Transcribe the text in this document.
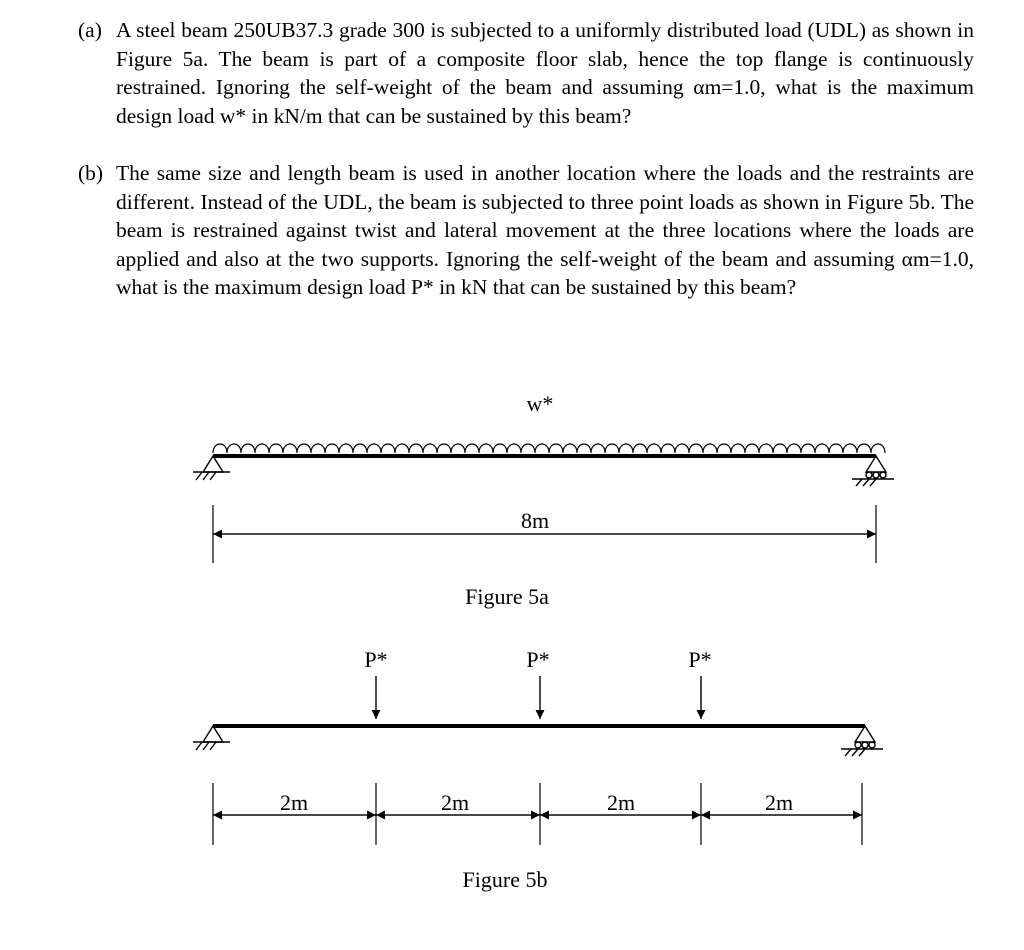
(a) A steel beam 250UB37.3 grade 300 is subjected to a uniformly distributed load (UDL) as shown in Figure 5a. The beam is part of a composite floor slab, hence the top flange is continuously restrained. Ignoring the self-weight of the beam and assuming αm=1.0, what is the maximum design load w* in kN/m that can be sustained by this beam?
(b) The same size and length beam is used in another location where the loads and the restraints are different. Instead of the UDL, the beam is subjected to three point loads as shown in Figure 5b. The beam is restrained against twist and lateral movement at the three locations where the loads are applied and also at the two supports. Ignoring the self-weight of the beam and assuming αm=1.0, what is the maximum design load P* in kN that can be sustained by this beam?
w*
8m
Figure 5a
P*	P*	P*
2m	2m	2m	2m
Figure 5b
